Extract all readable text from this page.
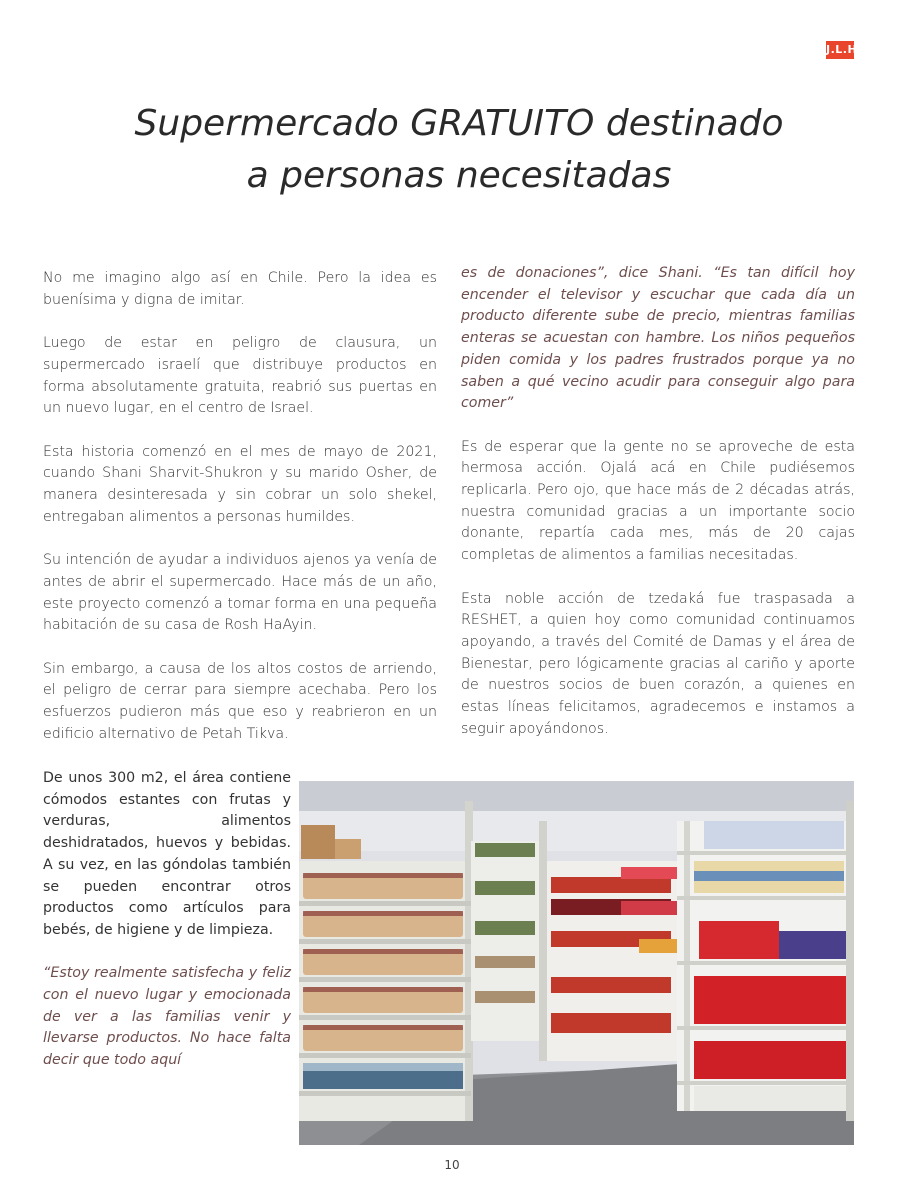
J.L.H
Supermercado GRATUITO destinado
a personas necesitadas

No me imagino algo así en Chile. Pero la idea es buenísima y digna de imitar.

Luego de estar en peligro de clausura, un supermercado israelí que distribuye productos en forma absolutamente gratuita, reabrió sus puertas en un nuevo lugar, en el centro de Israel.

Esta historia comenzó en el mes de mayo de 2021, cuando Shani Sharvit-Shukron y su marido Osher, de manera desinteresada y sin cobrar un solo shekel, entregaban alimentos a personas humildes.

Su intención de ayudar a individuos ajenos ya venía de antes de abrir el supermercado. Hace más de un año, este proyecto comenzó a tomar forma en una pequeña habitación de su casa de Rosh HaAyin.

Sin embargo, a causa de los altos costos de arriendo, el peligro de cerrar para siempre acechaba. Pero los esfuerzos pudieron más que eso y reabrieron en un edificio alternativo de Petah Tikva.

De unos 300 m2, el área contiene cómodos estantes con frutas y verduras, alimentos deshidratados, huevos y bebidas. A su vez, en las góndolas también se pueden encontrar otros productos como artículos para bebés, de higiene y de limpieza.

“Estoy realmente satisfecha y feliz con el nuevo lugar y emocionada de ver a las familias venir y llevarse productos. No hace falta decir que todo aquí

es de donaciones”, dice Shani. “Es tan difícil hoy encender el televisor y escuchar que cada día un producto diferente sube de precio, mientras familias enteras se acuestan con hambre. Los niños pequeños piden comida y los padres frustrados porque ya no saben a qué vecino acudir para conseguir algo para comer”

Es de esperar que la gente no se aproveche de esta hermosa acción. Ojalá acá en Chile pudiésemos replicarla. Pero ojo, que hace más de 2 décadas atrás, nuestra comunidad gracias a un importante socio donante, repartía cada mes, más de 20 cajas completas de alimentos a familias necesitadas.

Esta noble acción de tzedaká fue traspasada a RESHET, a quien hoy como comunidad continuamos apoyando, a través del Comité de Damas y el área de Bienestar, pero lógicamente gracias al cariño y aporte de nuestros socios de buen corazón, a quienes en estas líneas felicitamos, agradecemos e instamos a seguir apoyándonos.

10
